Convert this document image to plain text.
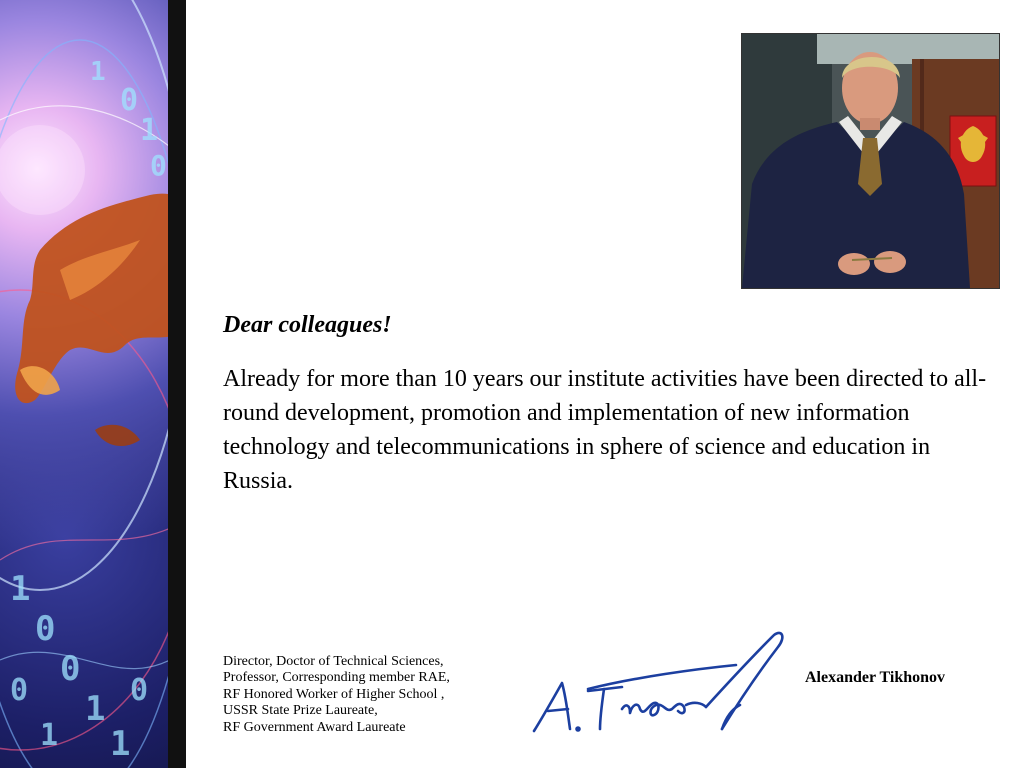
0
1
0
1
1
0
0
1
1
0
1
0

Dear colleagues!

Already for more than 10 years our institute activities have been directed to all-round development, promotion and implementation of new information technology and telecommunications in sphere of science and education in Russia.

Director, Doctor of Technical Sciences,
Professor, Corresponding member RAE,
RF Honored Worker of Higher School ,
USSR State Prize Laureate,
RF Government Award Laureate

Alexander Tikhonov
